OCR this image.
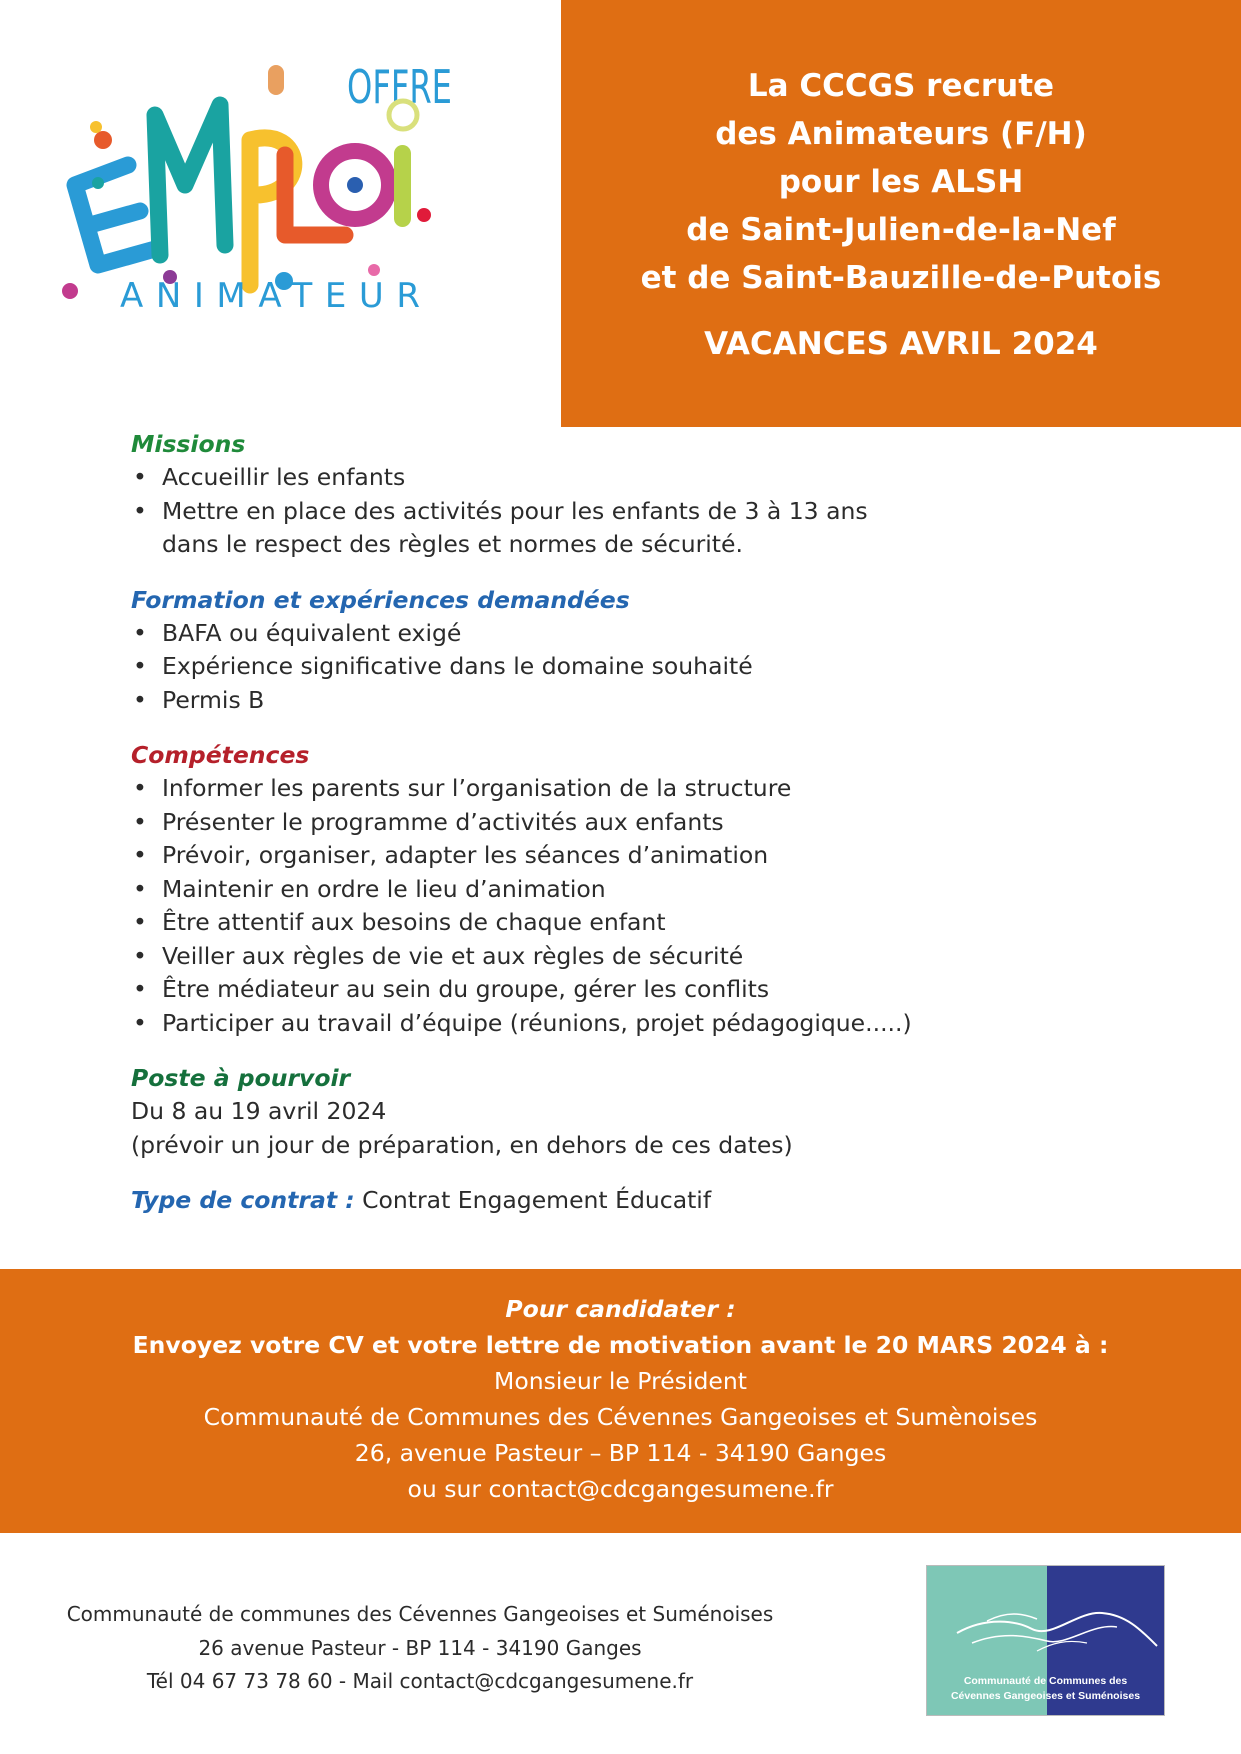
OFFRE
ANIMATEUR
La CCCGS recrute
des Animateurs (F/H)
pour les ALSH
de Saint-Julien-de-la-Nef
et de Saint-Bauzille-de-Putois
VACANCES AVRIL 2024

Missions

• Accueillir les enfants
• Mettre en place des activités pour les enfants de 3 à 13 ans
dans le respect des règles et normes de sécurité.

Formation et expériences demandées

• BAFA ou équivalent exigé
• Expérience significative dans le domaine souhaité
• Permis B

Compétences

• Informer les parents sur l’organisation de la structure
• Présenter le programme d’activités aux enfants
• Prévoir, organiser, adapter les séances d’animation
• Maintenir en ordre le lieu d’animation
• Être attentif aux besoins de chaque enfant
• Veiller aux règles de vie et aux règles de sécurité
• Être médiateur au sein du groupe, gérer les conflits
• Participer au travail d’équipe (réunions, projet pédagogique.....)

Poste à pourvoir

Du 8 au 19 avril 2024
(prévoir un jour de préparation, en dehors de ces dates)
Type de contrat : Contrat Engagement Éducatif
Pour candidater :
Envoyez votre CV et votre lettre de motivation avant le 20 MARS 2024 à :
Monsieur le Président
Communauté de Communes des Cévennes Gangeoises et Sumènoises
26, avenue Pasteur – BP 114 - 34190 Ganges
ou sur contact@cdcgangesumene.fr
Communauté de communes des Cévennes Gangeoises et Suménoises
26 avenue Pasteur - BP 114 - 34190 Ganges
Tél 04 67 73 78 60 - Mail contact@cdcgangesumene.fr	Communauté de Communes des
Cévennes Gangeoises et Suménoises
